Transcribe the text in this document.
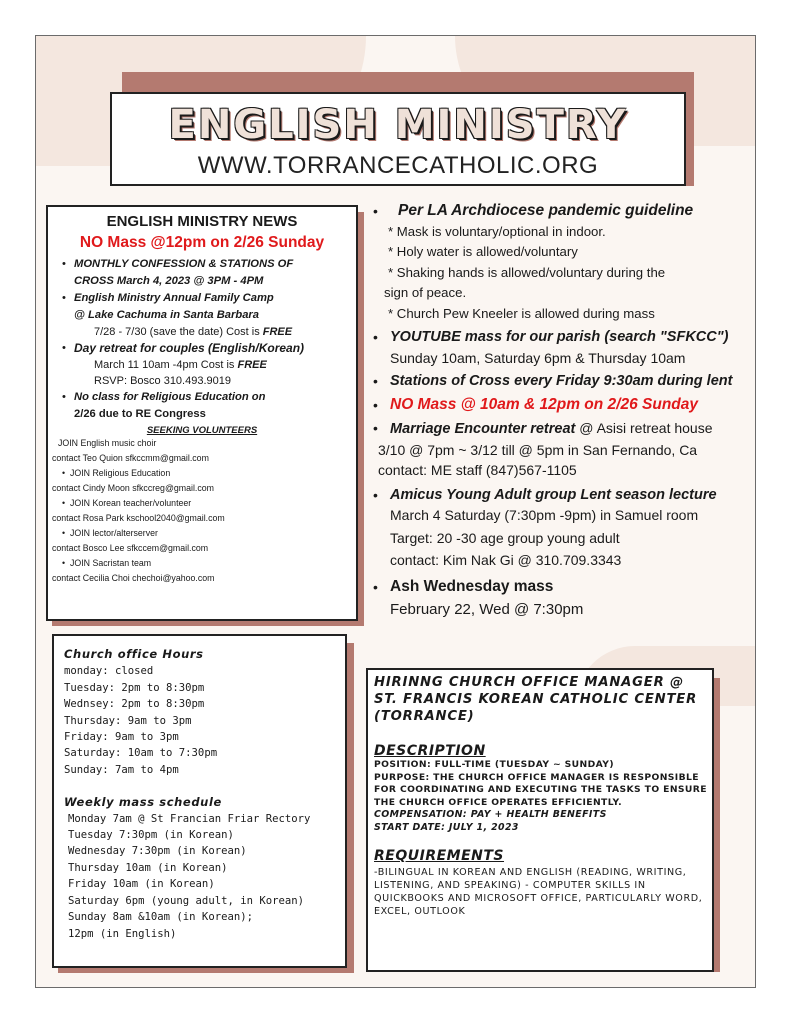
ENGLISH MINISTRY
WWW.TORRANCECATHOLIC.ORG
ENGLISH MINISTRY NEWS
NO Mass @12pm on 2/26 Sunday
• MONTHLY CONFESSION & STATIONS OF
CROSS March 4, 2023 @ 3PM - 4PM
• English Ministry Annual Family Camp
@ Lake Cachuma in Santa Barbara
7/28 - 7/30 (save the date) Cost is FREE
• Day retreat for couples (English/Korean)
March 11 10am -4pm Cost is FREE
RSVP: Bosco 310.493.9019
• No class for Religious Education on
2/26 due to RE Congress
SEEKING VOLUNTEERS
JOIN English music choir
contact Teo Quion sfkccmm@gmail.com
•  JOIN Religious Education
contact Cindy Moon sfkccreg@gmail.com
•  JOIN Korean teacher/volunteer
contact Rosa Park kschool2040@gmail.com
•  JOIN lector/alterserver
contact Bosco Lee sfkccem@gmail.com
•  JOIN Sacristan team
contact Cecilia Choi chechoi@yahoo.com
• Per LA Archdiocese pandemic guideline
* Mask is voluntary/optional in indoor.
* Holy water is allowed/voluntary
* Shaking hands is allowed/voluntary during the
sign of peace.
* Church Pew Kneeler is allowed during mass
• YOUTUBE mass for our parish (search "SFKCC")
Sunday 10am, Saturday 6pm & Thursday 10am
• Stations of Cross every Friday 9:30am during lent
• NO Mass @ 10am & 12pm on 2/26 Sunday
• Marriage Encounter retreat @ Asisi retreat house
3/10 @ 7pm ~ 3/12 till @ 5pm in San Fernando, Ca
contact: ME staff (847)567-1105
• Amicus Young Adult group Lent season lecture
March 4 Saturday (7:30pm -9pm) in Samuel room
Target: 20 -30 age group young adult
contact: Kim Nak Gi @ 310.709.3343
• Ash Wednesday mass
February 22, Wed @ 7:30pm
Church office Hours
monday: closed
Tuesday: 2pm to 8:30pm
Wednsey: 2pm to 8:30pm
Thursday: 9am to 3pm
Friday: 9am to 3pm
Saturday: 10am to 7:30pm
Sunday: 7am to 4pm
Weekly mass schedule
Monday 7am @ St Francian Friar Rectory
Tuesday 7:30pm (in Korean)
Wednesday 7:30pm (in Korean)
Thursday 10am (in Korean)
Friday 10am (in Korean)
Saturday 6pm (young adult, in Korean)
Sunday 8am &10am (in Korean);
12pm (in English)
HIRINNG CHURCH OFFICE MANAGER @ ST. FRANCIS KOREAN CATHOLIC CENTER (TORRANCE)
DESCRIPTION
POSITION: FULL-TIME (TUESDAY ~ SUNDAY)
PURPOSE: THE CHURCH OFFICE MANAGER IS RESPONSIBLE FOR COORDINATING AND EXECUTING THE TASKS TO ENSURE THE CHURCH OFFICE OPERATES EFFICIENTLY.
COMPENSATION: PAY + HEALTH BENEFITS
START DATE: JULY 1, 2023
REQUIREMENTS
-BILINGUAL IN KOREAN AND ENGLISH (READING, WRITING, LISTENING, AND SPEAKING) - COMPUTER SKILLS IN QUICKBOOKS AND MICROSOFT OFFICE, PARTICULARLY WORD, EXCEL, OUTLOOK
